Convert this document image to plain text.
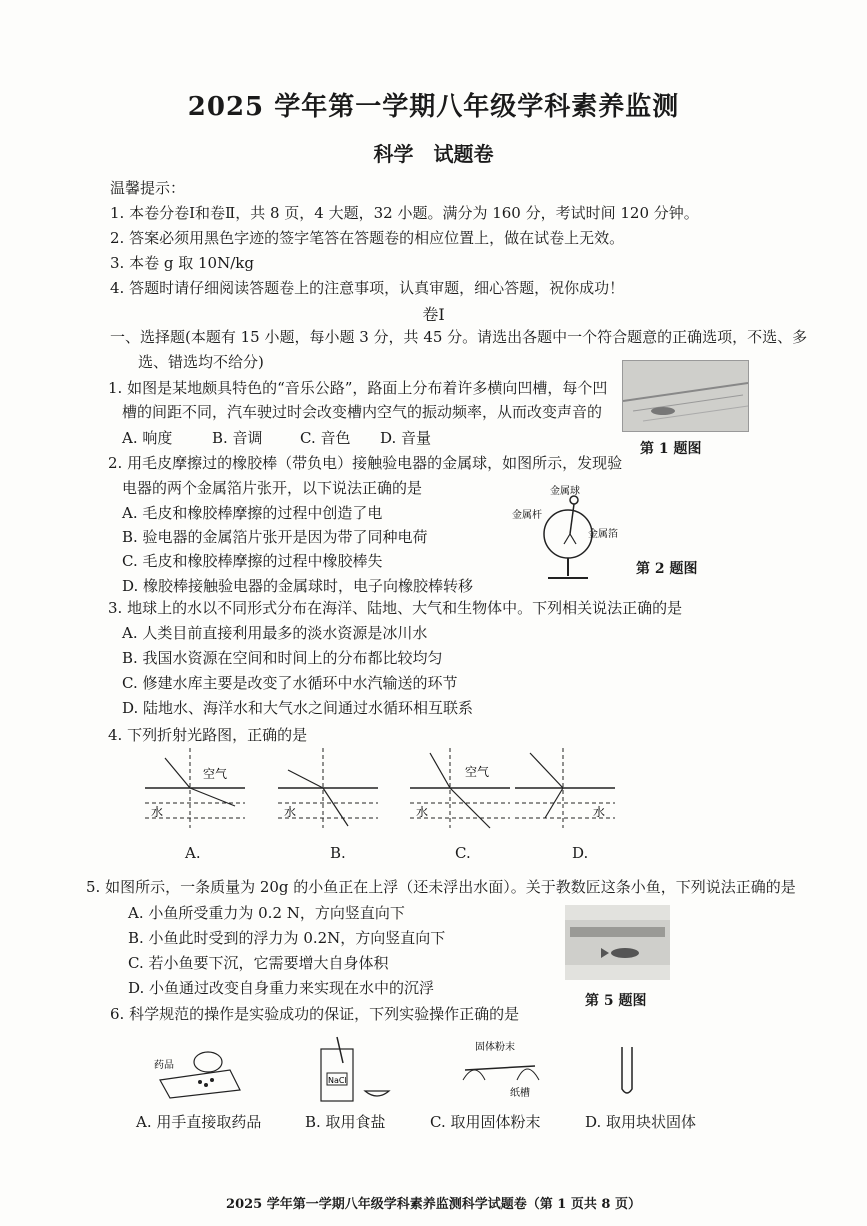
2025 学年第一学期八年级学科素养监测
科学　试题卷
温馨提示：
1. 本卷分卷Ⅰ和卷Ⅱ，共 8 页，4 大题，32 小题。满分为 160 分，考试时间 120 分钟。
2. 答案必须用黑色字迹的签字笔答在答题卷的相应位置上，做在试卷上无效。
3. 本卷 g 取 10N/kg
4. 答题时请仔细阅读答题卷上的注意事项，认真审题，细心答题，祝你成功！
卷Ⅰ
一、选择题(本题有 15 小题，每小题 3 分，共 45 分。请选出各题中一个符合题意的正确选项，不选、多
选、错选均不给分)
1. 如图是某地颇具特色的“音乐公路”，路面上分布着许多横向凹槽，每个凹
槽的间距不同，汽车驶过时会改变槽内空气的振动频率，从而改变声音的
A. 响度	B. 音调 C. 音色 D. 音量
第 1 题图
2. 用毛皮摩擦过的橡胶棒（带负电）接触验电器的金属球，如图所示，发现验
电器的两个金属箔片张开，以下说法正确的是
A. 毛皮和橡胶棒摩擦的过程中创造了电
B. 验电器的金属箔片张开是因为带了同种电荷
C. 毛皮和橡胶棒摩擦的过程中橡胶棒失
D. 橡胶棒接触验电器的金属球时，电子向橡胶棒转移
金属球
金属杆
金属箔
第 2 题图
3. 地球上的水以不同形式分布在海洋、陆地、大气和生物体中。下列相关说法正确的是
A. 人类目前直接利用最多的淡水资源是冰川水
B. 我国水资源在空间和时间上的分布都比较均匀
C. 修建水库主要是改变了水循环中水汽输送的环节
D. 陆地水、海洋水和大气水之间通过水循环相互联系
4. 下列折射光路图，正确的是
空气
水	水
空气
水	水
A.	B.	C.	D.
5. 如图所示，一条质量为 20g 的小鱼正在上浮（还未浮出水面）。关于教数匠这条小鱼，下列说法正确的是
A. 小鱼所受重力为 0.2 N，方向竖直向下
B. 小鱼此时受到的浮力为 0.2N，方向竖直向下
C. 若小鱼要下沉，它需要增大自身体积
D. 小鱼通过改变自身重力来实现在水中的沉浮
第 5 题图
6. 科学规范的操作是实验成功的保证，下列实验操作正确的是
药品
NaCl
固体粉末
纸槽
A. 用手直接取药品	B. 取用食盐	C. 取用固体粉末	D. 取用块状固体
2025 学年第一学期八年级学科素养监测科学试题卷（第 1 页共 8 页）
